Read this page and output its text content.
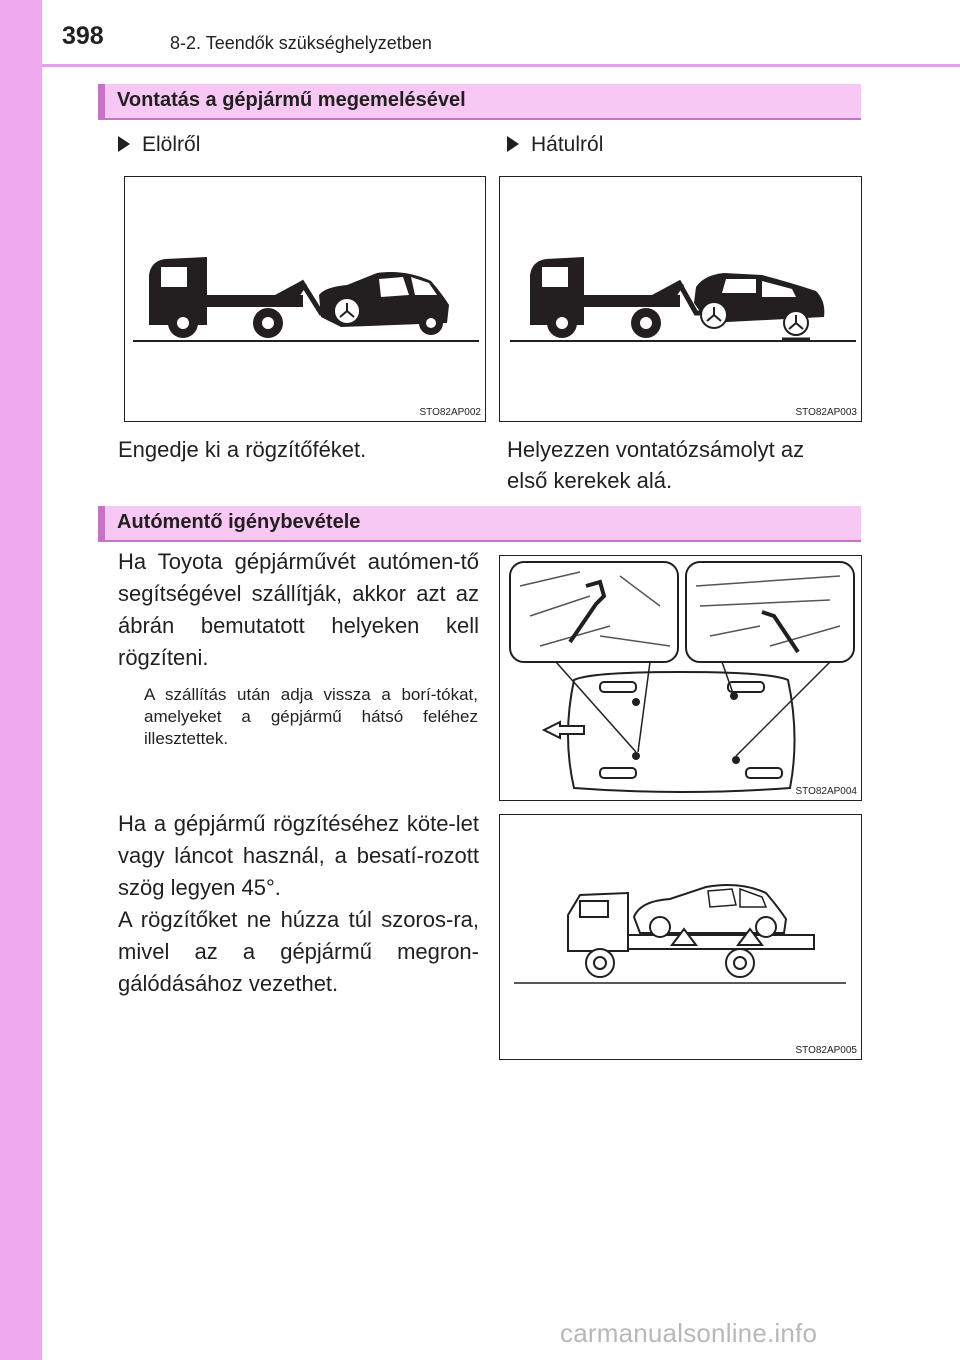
398	8-2. Teendők szükséghelyzetben
Vontatás a gépjármű megemelésével
Elölről	Hátulról
STO82AP002	STO82AP003
Engedje ki a rögzítőféket.	Helyezzen vontatózsámolyt az
első kerekek alá.
Autómentő igénybevétele
Ha Toyota gépjárművét autómen-tő segítségével szállítják, akkor azt az ábrán bemutatott helyeken kell rögzíteni.
A szállítás után adja vissza a borí-tókat, amelyeket a gépjármű hátsó feléhez illesztettek.
Ha a gépjármű rögzítéséhez köte-let vagy láncot használ, a besatí-rozott szög legyen 45°.
A rögzítőket ne húzza túl szoros-ra, mivel az a gépjármű megron-gálódásához vezethet.
STO82AP004
STO82AP005
carmanualsonline.info
